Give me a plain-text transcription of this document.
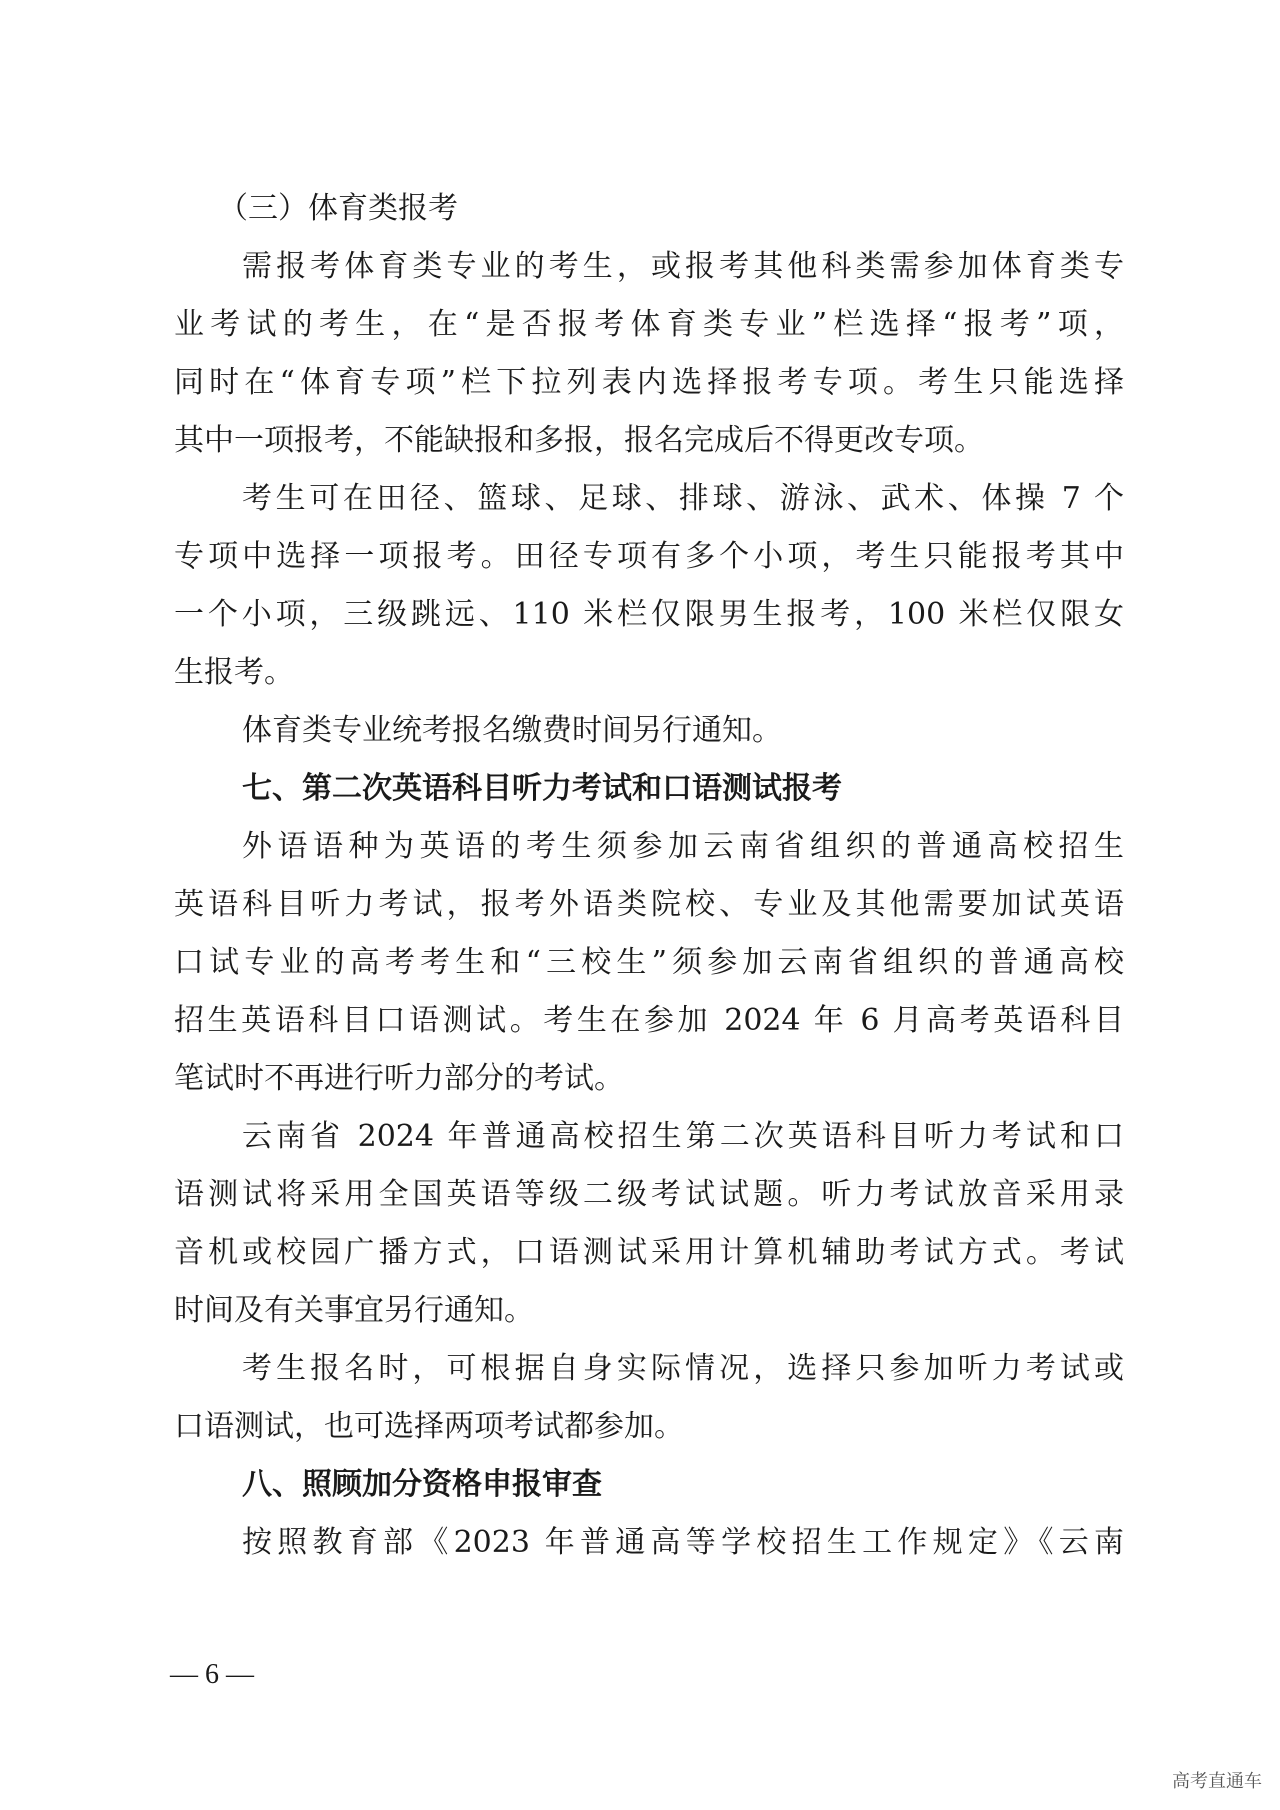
（三）体育类报考
需报考体育类专业的考生，或报考其他科类需参加体育类专
业考试的考生，在“是否报考体育类专业”栏选择“报考”项，
同时在“体育专项”栏下拉列表内选择报考专项。考生只能选择
其中一项报考，不能缺报和多报，报名完成后不得更改专项。
考生可在田径、篮球、足球、排球、游泳、武术、体操 7 个
专项中选择一项报考。田径专项有多个小项，考生只能报考其中
一个小项，三级跳远、110 米栏仅限男生报考，100 米栏仅限女
生报考。
体育类专业统考报名缴费时间另行通知。
七、第二次英语科目听力考试和口语测试报考
外语语种为英语的考生须参加云南省组织的普通高校招生
英语科目听力考试，报考外语类院校、专业及其他需要加试英语
口试专业的高考考生和“三校生”须参加云南省组织的普通高校
招生英语科目口语测试。考生在参加 2024 年 6 月高考英语科目
笔试时不再进行听力部分的考试。
云南省 2024 年普通高校招生第二次英语科目听力考试和口
语测试将采用全国英语等级二级考试试题。听力考试放音采用录
音机或校园广播方式，口语测试采用计算机辅助考试方式。考试
时间及有关事宜另行通知。
考生报名时，可根据自身实际情况，选择只参加听力考试或
口语测试，也可选择两项考试都参加。
八、照顾加分资格申报审查
按照教育部《2023 年普通高等学校招生工作规定》《云南
— 6 —
高考直通车
